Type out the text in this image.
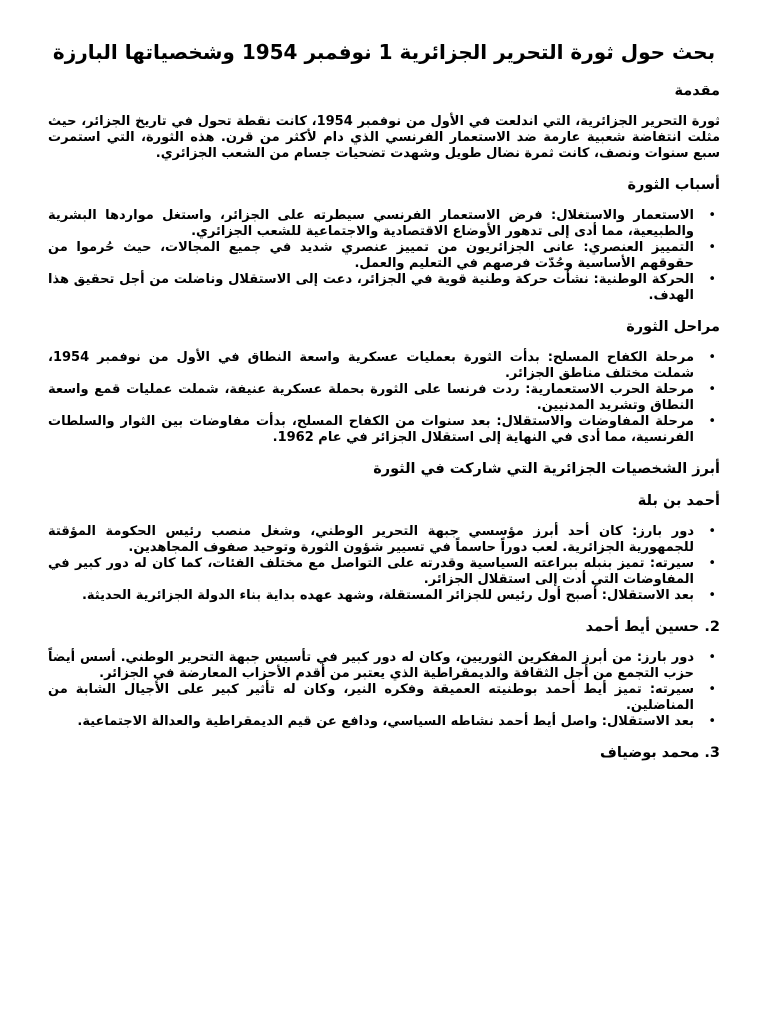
بحث حول ثورة التحرير الجزائرية 1 نوفمبر 1954 وشخصياتها البارزة
مقدمة

ثورة التحرير الجزائرية، التي اندلعت في الأول من نوفمبر 1954، كانت نقطة تحول في تاريخ الجزائر، حيث مثلت انتفاضة شعبية عارمة ضد الاستعمار الفرنسي الذي دام لأكثر من قرن. هذه الثورة، التي استمرت سبع سنوات ونصف، كانت ثمرة نضال طويل وشهدت تضحيات جسام من الشعب الجزائري.

أسباب الثورة
• الاستعمار والاستغلال: فرض الاستعمار الفرنسي سيطرته على الجزائر، واستغل مواردها البشرية والطبيعية، مما أدى إلى تدهور الأوضاع الاقتصادية والاجتماعية للشعب الجزائري.
• التمييز العنصري: عانى الجزائريون من تمييز عنصري شديد في جميع المجالات، حيث حُرموا من حقوقهم الأساسية وحُدّت فرصهم في التعليم والعمل.
• الحركة الوطنية: نشأت حركة وطنية قوية في الجزائر، دعت إلى الاستقلال وناضلت من أجل تحقيق هذا الهدف.
مراحل الثورة
• مرحلة الكفاح المسلح: بدأت الثورة بعمليات عسكرية واسعة النطاق في الأول من نوفمبر 1954، شملت مختلف مناطق الجزائر.
• مرحلة الحرب الاستعمارية: ردت فرنسا على الثورة بحملة عسكرية عنيفة، شملت عمليات قمع واسعة النطاق وتشريد المدنيين.
• مرحلة المفاوضات والاستقلال: بعد سنوات من الكفاح المسلح، بدأت مفاوضات بين الثوار والسلطات الفرنسية، مما أدى في النهاية إلى استقلال الجزائر في عام 1962.
أبرز الشخصيات الجزائرية التي شاركت في الثورة
أحمد بن بلة
• دور بارز: كان أحد أبرز مؤسسي جبهة التحرير الوطني، وشغل منصب رئيس الحكومة المؤقتة للجمهورية الجزائرية. لعب دوراً حاسماً في تسيير شؤون الثورة وتوحيد صفوف المجاهدين.
• سيرته: تميز بنبله ببراعته السياسية وقدرته على التواصل مع مختلف الفئات، كما كان له دور كبير في المفاوضات التي أدت إلى استقلال الجزائر.
• بعد الاستقلال: أصبح أول رئيس للجزائر المستقلة، وشهد عهده بداية بناء الدولة الجزائرية الحديثة.
2. حسين أيط أحمد
• دور بارز: من أبرز المفكرين الثوريين، وكان له دور كبير في تأسيس جبهة التحرير الوطني. أسس أيضاً حزب التجمع من أجل الثقافة والديمقراطية الذي يعتبر من أقدم الأحزاب المعارضة في الجزائر.
• سيرته: تميز أيط أحمد بوطنيته العميقة وفكره النير، وكان له تأثير كبير على الأجيال الشابة من المناضلين.
• بعد الاستقلال: واصل أيط أحمد نشاطه السياسي، ودافع عن قيم الديمقراطية والعدالة الاجتماعية.
3. محمد بوضياف
